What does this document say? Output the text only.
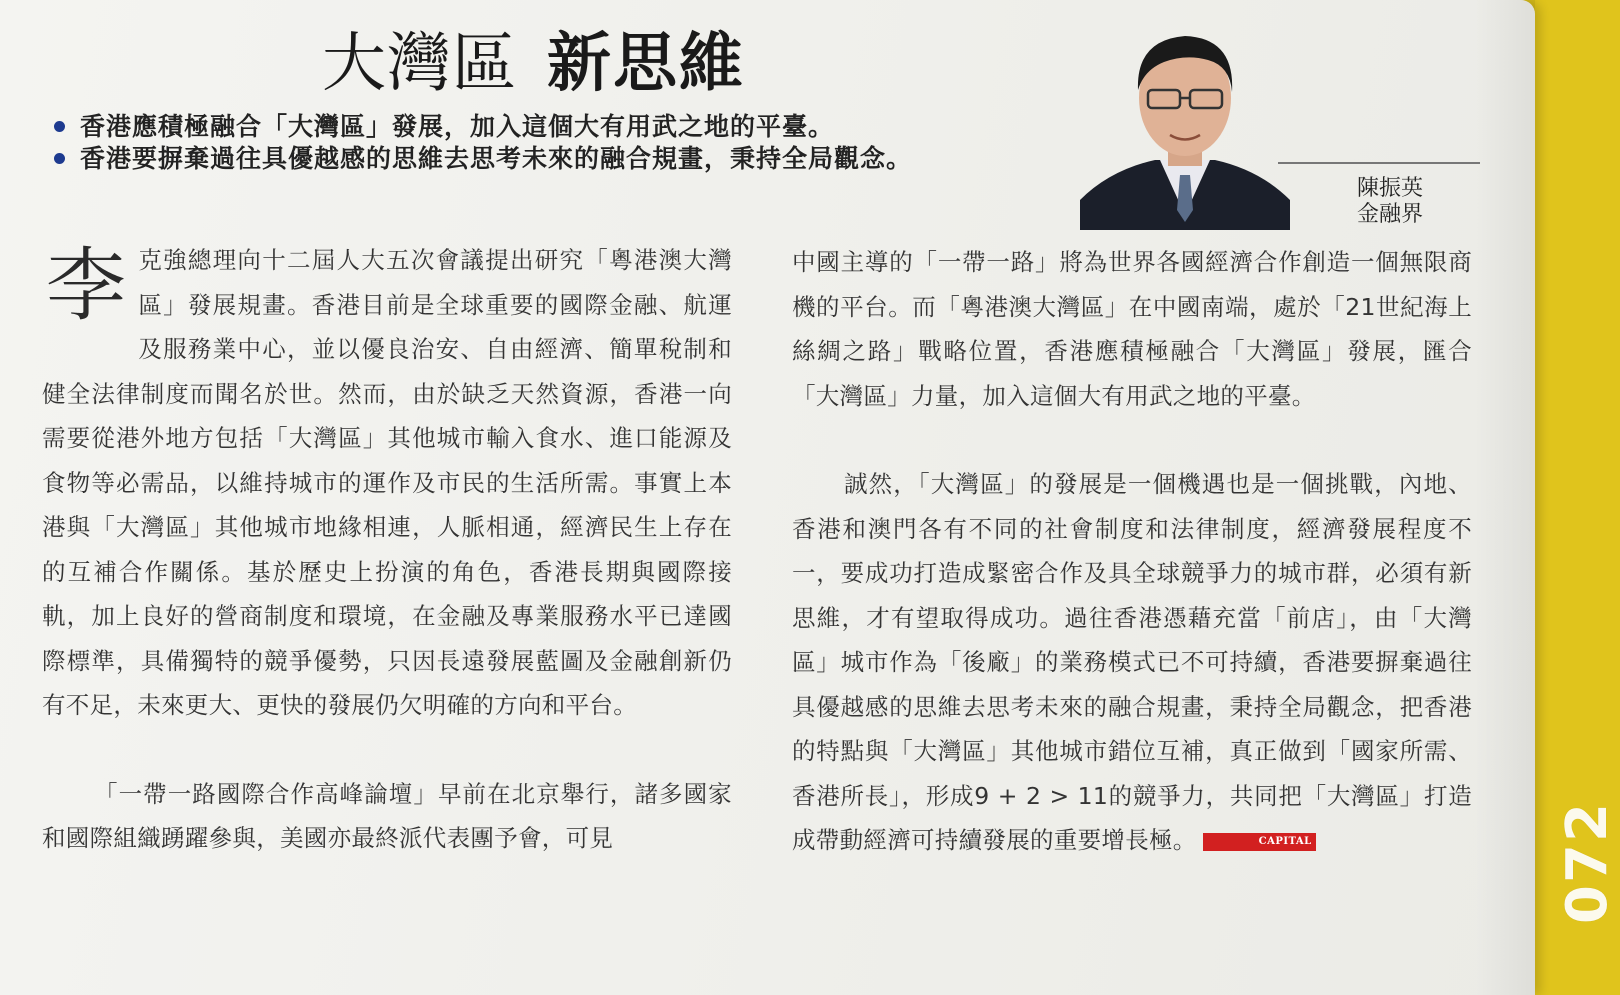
大灣區 新思維
香港應積極融合「大灣區」發展，加入這個大有用武之地的平臺。
香港要摒棄過往具優越感的思維去思考未來的融合規畫，秉持全局觀念。
陳振英
金融界

李克強總理向十二屆人大五次會議提出研究「粵港澳大灣區」發展規畫。香港目前是全球重要的國際金融、航運及服務業中心，並以優良治安、自由經濟、簡單稅制和健全法律制度而聞名於世。然而，由於缺乏天然資源，香港一向需要從港外地方包括「大灣區」其他城市輸入食水、進口能源及食物等必需品，以維持城市的運作及市民的生活所需。事實上本港與「大灣區」其他城市地緣相連，人脈相通，經濟民生上存在的互補合作關係。基於歷史上扮演的角色，香港長期與國際接軌，加上良好的營商制度和環境，在金融及專業服務水平已達國際標準，具備獨特的競爭優勢，只因長遠發展藍圖及金融創新仍有不足，未來更大、更快的發展仍欠明確的方向和平台。

「一帶一路國際合作高峰論壇」早前在北京舉行，諸多國家和國際組織踴躍參與，美國亦最終派代表團予會，可見

中國主導的「一帶一路」將為世界各國經濟合作創造一個無限商機的平台。而「粵港澳大灣區」在中國南端，處於「21世紀海上絲綢之路」戰略位置，香港應積極融合「大灣區」發展，匯合「大灣區」力量，加入這個大有用武之地的平臺。

誠然，「大灣區」的發展是一個機遇也是一個挑戰，內地、香港和澳門各有不同的社會制度和法律制度，經濟發展程度不一，要成功打造成緊密合作及具全球競爭力的城市群，必須有新思維，才有望取得成功。過往香港憑藉充當「前店」，由「大灣區」城市作為「後廠」的業務模式已不可持續，香港要摒棄過往具優越感的思維去思考未來的融合規畫，秉持全局觀念，把香港的特點與「大灣區」其他城市錯位互補，真正做到「國家所需、香港所長」，形成9 + 2 > 11的競爭力，共同把「大灣區」打造成帶動經濟可持續發展的重要增長極。	CAPITAL	072
